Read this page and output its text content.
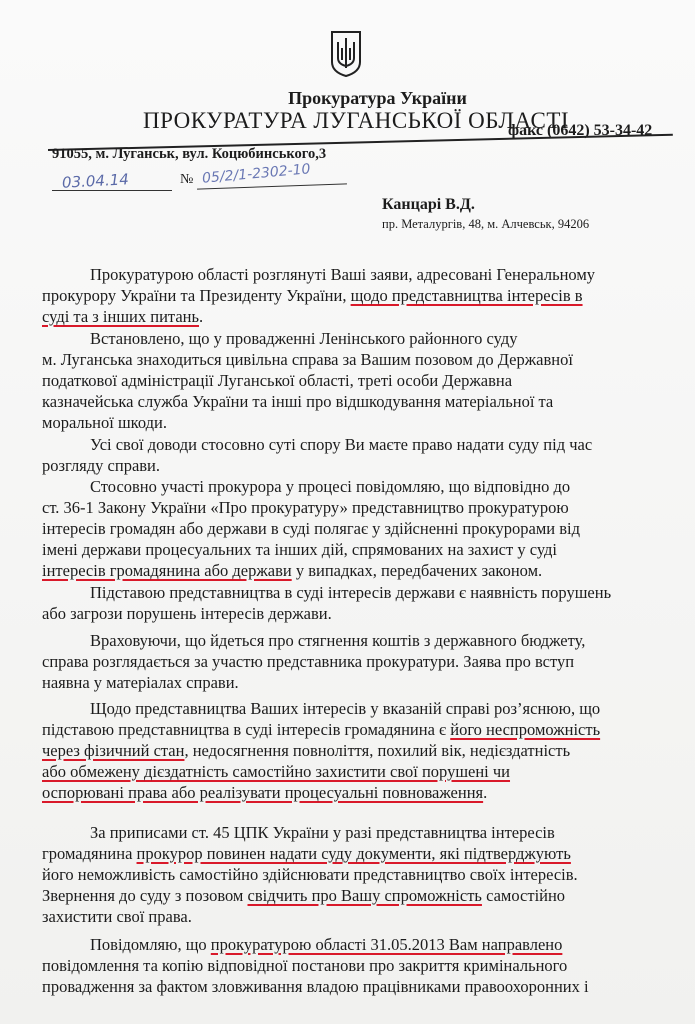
Прокуратура України
ПРОКУРАТУРА ЛУГАНСЬКОЇ ОБЛАСТІ
факс (0642) 53-34-42
91055, м. Луганськ, вул. Коцюбинського,3
03.04.14	№ 05/2/1-2302-10
Канцарі В.Д.
пр. Металургів, 48, м. Алчевськ, 94206
Прокуратурою області розглянуті Ваші заяви, адресовані Генеральному
прокурору України та Президенту України, щодо представництва інтересів в
суді та з інших питань.
Встановлено, що у провадженні Ленінського районного суду
м. Луганська знаходиться цивільна справа за Вашим позовом до Державної
податкової адміністрації Луганської області, треті особи Державна
казначейська служба України та інші про відшкодування матеріальної та
моральної шкоди.
Усі свої доводи стосовно суті спору Ви маєте право надати суду під час
розгляду справи.
Стосовно участі прокурора у процесі повідомляю, що відповідно до
ст. 36-1 Закону України «Про прокуратуру» представництво прокуратурою
інтересів громадян або держави в суді полягає у здійсненні прокурорами від
імені держави процесуальних та інших дій, спрямованих на захист у суді
інтересів громадянина або держави у випадках, передбачених законом.
Підставою представництва в суді інтересів держави є наявність порушень
або загрози порушень інтересів держави.
Враховуючи, що йдеться про стягнення коштів з державного бюджету,
справа розглядається за участю представника прокуратури. Заява про вступ
наявна у матеріалах справи.
Щодо представництва Ваших інтересів у вказаній справі роз’яснюю, що
підставою представництва в суді інтересів громадянина є його неспроможність
через фізичний стан, недосягнення повноліття, похилий вік, недієздатність
або обмежену дієздатність самостійно захистити свої порушені чи
оспорювані права або реалізувати процесуальні повноваження.
За приписами ст. 45 ЦПК України у разі представництва інтересів
громадянина прокурор повинен надати суду документи, які підтверджують
його неможливість самостійно здійснювати представництво своїх інтересів.
Звернення до суду з позовом свідчить про Вашу спроможність самостійно
захистити свої права.
Повідомляю, що прокуратурою області 31.05.2013 Вам направлено
повідомлення та копію відповідної постанови про закриття кримінального
провадження за фактом зловживання владою працівниками правоохоронних і
